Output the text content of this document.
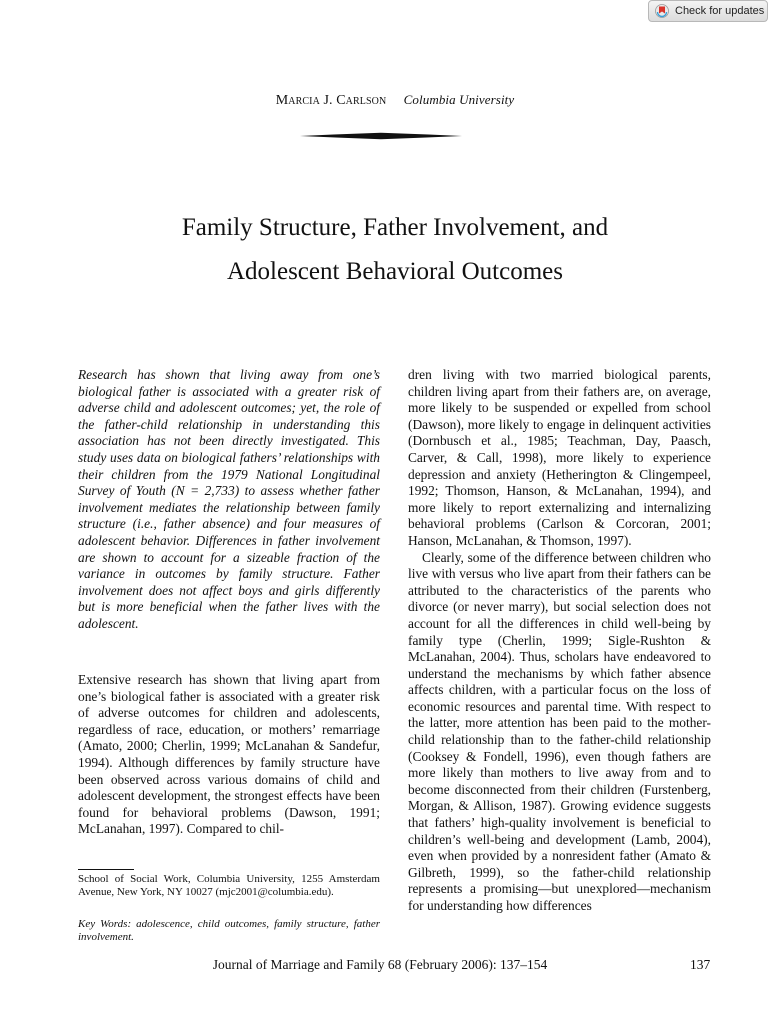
Check for updates
Marcia J. Carlson Columbia University
Family Structure, Father Involvement, and
Adolescent Behavioral Outcomes

Research has shown that living away from one’s biological father is associated with a greater risk of adverse child and adolescent outcomes; yet, the role of the father-child relationship in understanding this association has not been directly investigated. This study uses data on biological fathers’ relationships with their children from the 1979 National Longitudinal Survey of Youth (N = 2,733) to assess whether father involvement mediates the relationship between family structure (i.e., father absence) and four measures of adolescent behavior. Differences in father involvement are shown to account for a sizeable fraction of the variance in outcomes by family structure. Father involvement does not affect boys and girls differently but is more beneficial when the father lives with the adolescent.

Extensive research has shown that living apart from one’s biological father is associated with a greater risk of adverse outcomes for children and adolescents, regardless of race, education, or mothers’ remarriage (Amato, 2000; Cherlin, 1999; McLanahan & Sandefur, 1994). Although differences by family structure have been observed across various domains of child and adolescent development, the strongest effects have been found for behavioral problems (Dawson, 1991; McLanahan, 1997). Compared to chil-

dren living with two married biological parents, children living apart from their fathers are, on average, more likely to be suspended or expelled from school (Dawson), more likely to engage in delinquent activities (Dornbusch et al., 1985; Teachman, Day, Paasch, Carver, & Call, 1998), more likely to experience depression and anxiety (Hetherington & Clingempeel, 1992; Thomson, Hanson, & McLanahan, 1994), and more likely to report externalizing and internalizing behavioral problems (Carlson & Corcoran, 2001; Hanson, McLanahan, & Thomson, 1997).

Clearly, some of the difference between children who live with versus who live apart from their fathers can be attributed to the characteristics of the parents who divorce (or never marry), but social selection does not account for all the differences in child well-being by family type (Cherlin, 1999; Sigle-Rushton & McLanahan, 2004). Thus, scholars have endeavored to understand the mechanisms by which father absence affects children, with a particular focus on the loss of economic resources and parental time. With respect to the latter, more attention has been paid to the mother-child relationship than to the father-child relationship (Cooksey & Fondell, 1996), even though fathers are more likely than mothers to live away from and to become disconnected from their children (Furstenberg, Morgan, & Allison, 1987). Growing evidence suggests that fathers’ high-quality involvement is beneficial to children’s well-being and development (Lamb, 2004), even when provided by a nonresident father (Amato & Gilbreth, 1999), so the father-child relationship represents a promising—but unexplored—mechanism for understanding how differences

School of Social Work, Columbia University, 1255 Amsterdam Avenue, New York, NY 10027 (mjc2001@columbia.edu).

Key Words: adolescence, child outcomes, family structure, father involvement.

Journal of Marriage and Family 68 (February 2006): 137–154	137
